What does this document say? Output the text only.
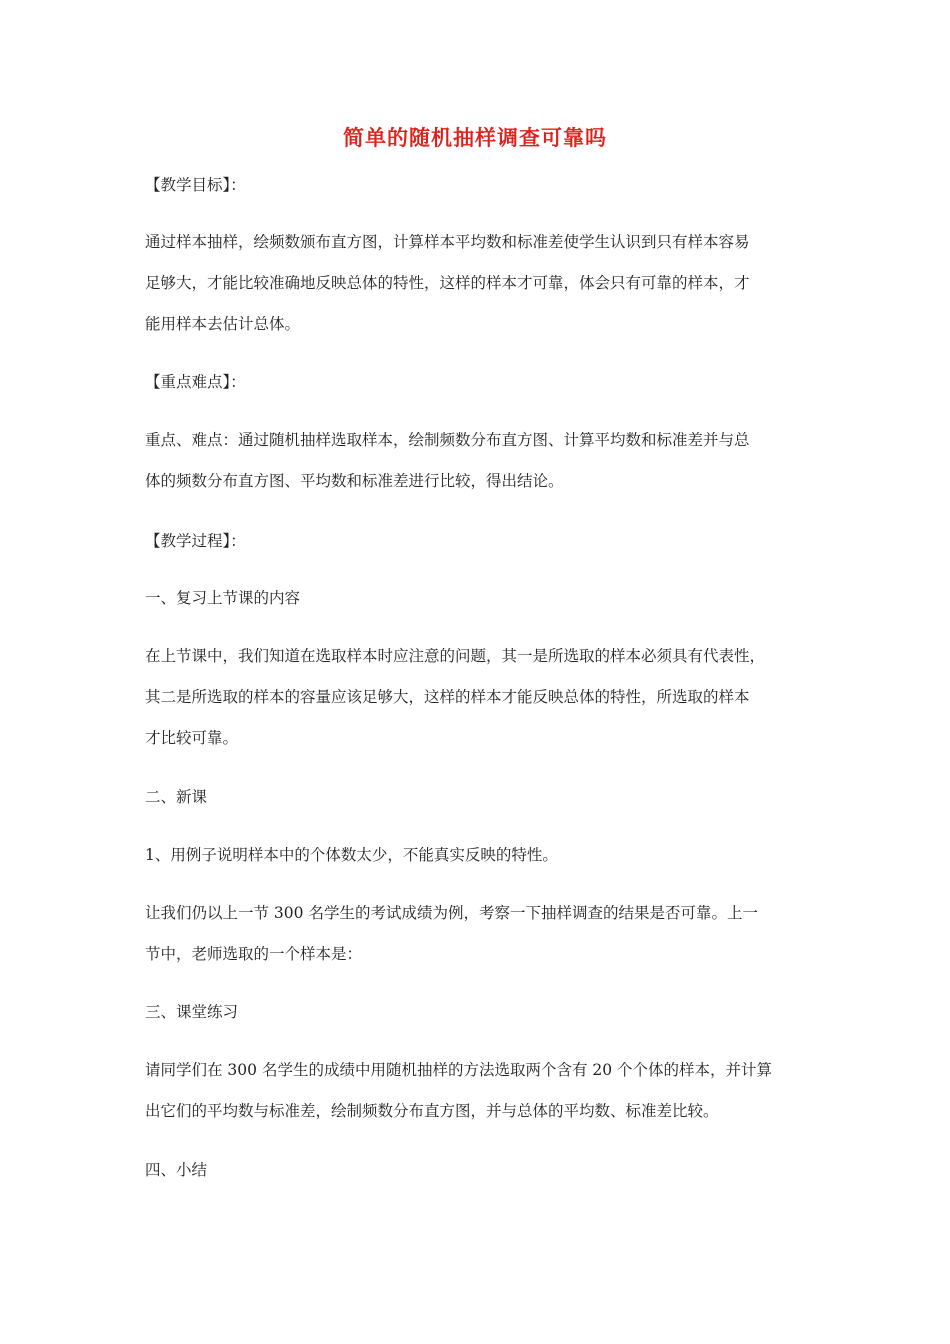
简单的随机抽样调查可靠吗
【教学目标】：
通过样本抽样，绘频数颁布直方图，计算样本平均数和标准差使学生认识到只有样本容易
足够大，才能比较准确地反映总体的特性，这样的样本才可靠，体会只有可靠的样本，才
能用样本去估计总体。
【重点难点】：
重点、难点：通过随机抽样选取样本，绘制频数分布直方图、计算平均数和标准差并与总
体的频数分布直方图、平均数和标准差进行比较，得出结论。
【教学过程】：
一、复习上节课的内容
在上节课中，我们知道在选取样本时应注意的问题，其一是所选取的样本必须具有代表性，
其二是所选取的样本的容量应该足够大，这样的样本才能反映总体的特性，所选取的样本
才比较可靠。
二、新课
1、用例子说明样本中的个体数太少，不能真实反映的特性。
让我们仍以上一节 300 名学生的考试成绩为例，考察一下抽样调查的结果是否可靠。上一
节中，老师选取的一个样本是：
三、课堂练习
请同学们在 300 名学生的成绩中用随机抽样的方法选取两个含有 20 个个体的样本，并计算
出它们的平均数与标准差，绘制频数分布直方图，并与总体的平均数、标准差比较。
四、小结
